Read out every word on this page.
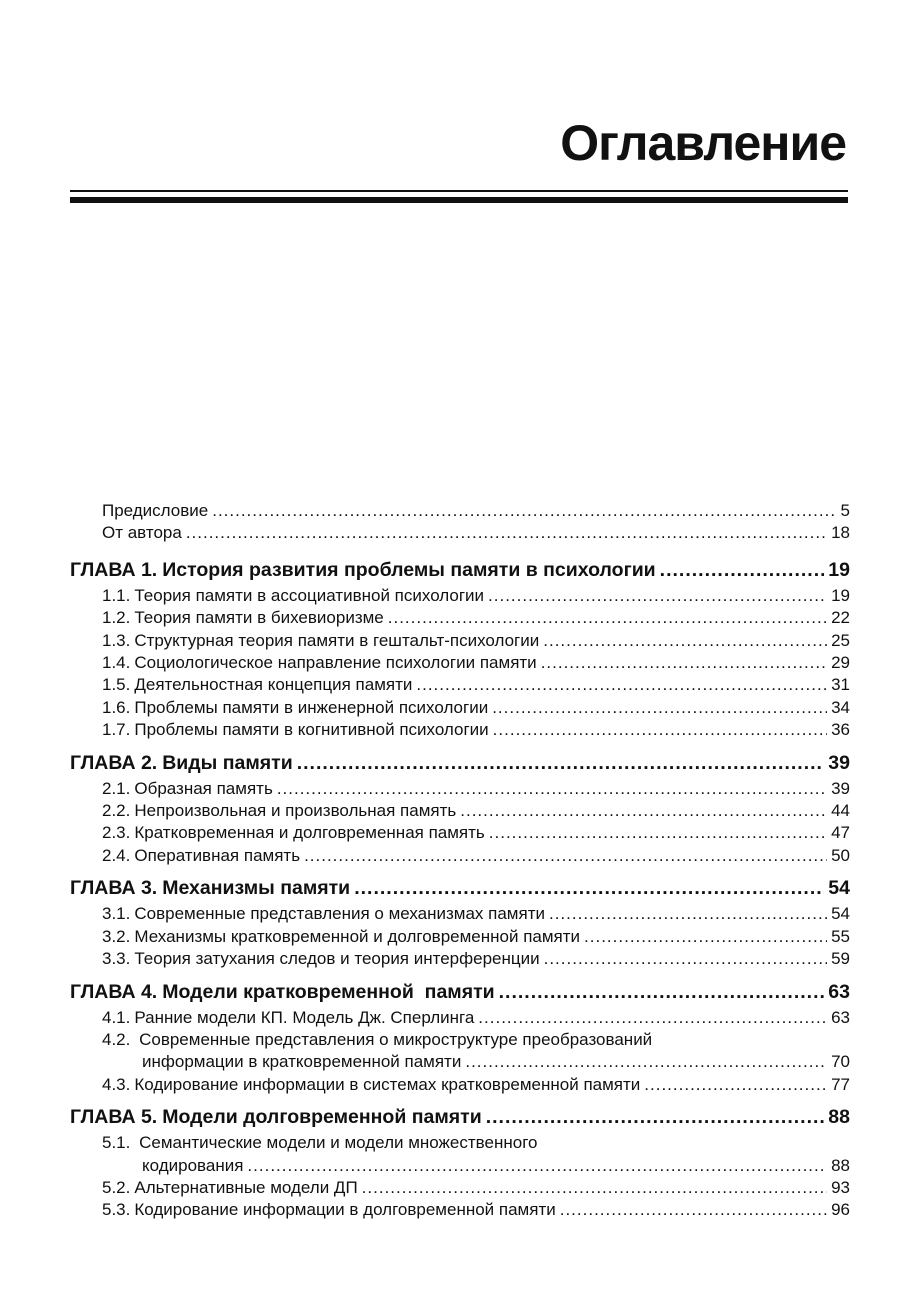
Оглавление
Предисловие .....	5
От автора .....	18
ГЛАВА 1. История развития проблемы памяти в психологии .....	19
1.1. Теория памяти в ассоциативной психологии .....	19
1.2. Теория памяти в бихевиоризме .....	22
1.3. Структурная теория памяти в гештальт-психологии .....	25
1.4. Социологическое направление психологии памяти .....	29
1.5. Деятельностная концепция памяти .....	31
1.6. Проблемы памяти в инженерной психологии .....	34
1.7. Проблемы памяти в когнитивной психологии .....	36
ГЛАВА 2. Виды памяти .....	39
2.1. Образная память .....	39
2.2. Непроизвольная и произвольная память .....	44
2.3. Кратковременная и долговременная память .....	47
2.4. Оперативная память .....	50
ГЛАВА 3. Механизмы памяти .....	54
3.1. Современные представления о механизмах памяти .....	54
3.2. Механизмы кратковременной и долговременной памяти .....	55
3.3. Теория затухания следов и теория интерференции .....	59
ГЛАВА 4. Модели кратковременной  памяти .....	63
4.1. Ранние модели КП. Модель Дж. Сперлинга .....	63
4.2. Современные представления о микроструктуре преобразований
информации в кратковременной памяти .....	70
4.3. Кодирование информации в системах кратковременной памяти .....	77
ГЛАВА 5. Модели долговременной памяти .....	88
5.1. Семантические модели и модели множественного
кодирования .....	88
5.2. Альтернативные модели ДП .....	93
5.3. Кодирование информации в долговременной памяти .....	96
